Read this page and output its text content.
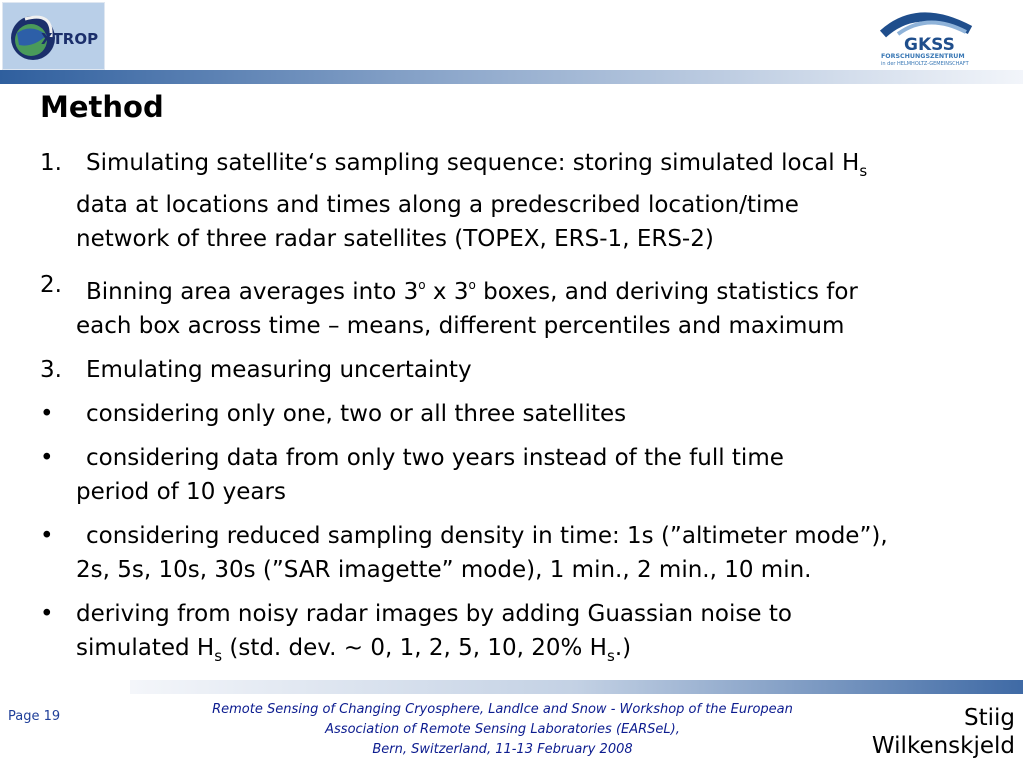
XTROP	GKSS
FORSCHUNGSZENTRUM
in der HELMHOLTZ-GEMEINSCHAFT
Method
1.	Simulating satellite‘s sampling sequence: storing simulated local $H_s$
data at locations and times along a predescribed location/time
network of three radar satellites (TOPEX, ERS-1, ERS-2)
2.	Binning area averages into 3$^o$ x 3$^o$ boxes, and deriving statistics for
each box across time – means, different percentiles and maximum
3.	Emulating measuring uncertainty
•	considering only one, two or all three satellites
•	considering data from only two years instead of the full time
period of 10 years
•	considering reduced sampling density in time: 1s (”altimeter mode”),
2s, 5s, 10s, 30s (”SAR imagette” mode), 1 min., 2 min., 10 min.
• deriving from noisy radar images by adding Guassian noise to
simulated $H_s$ (std. dev. ~ 0, 1, 2, 5, 10, 20% $H_s$.)
Page 19	Remote Sensing of Changing Cryosphere, LandIce and Snow - Workshop of the European
Association of Remote Sensing Laboratories (EARSeL),
Bern, Switzerland, 11-13 February 2008
Stiig
Wilkenskjeld
